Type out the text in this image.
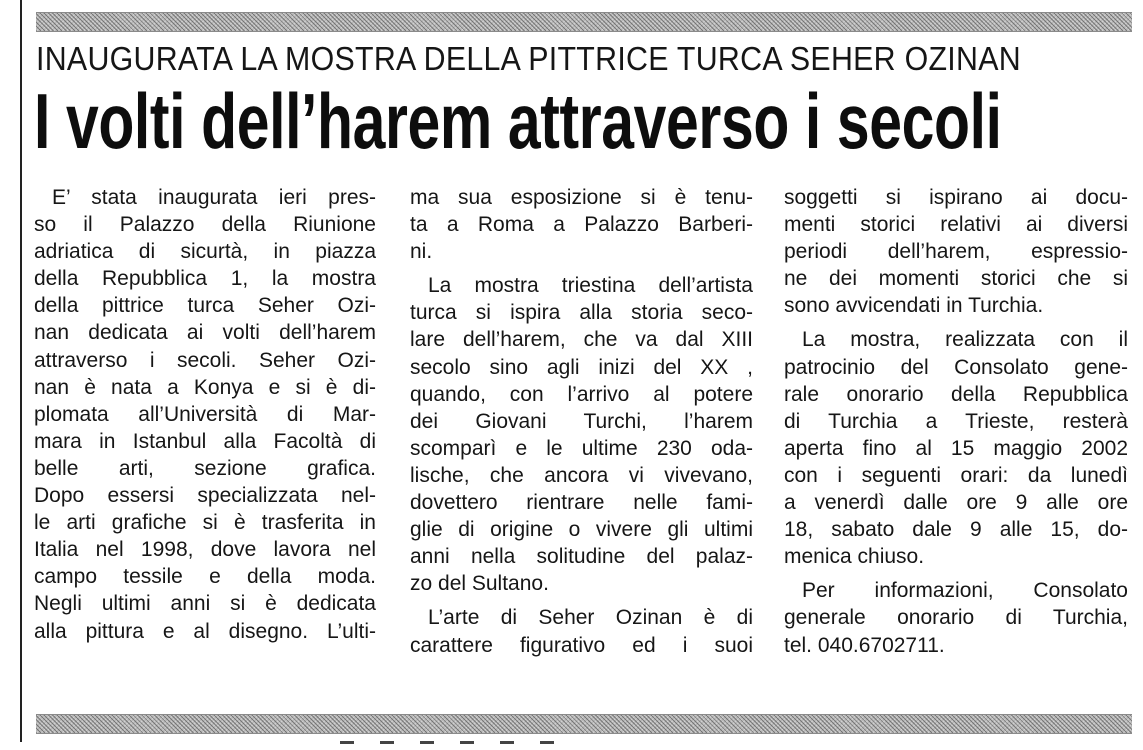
INAUGURATA LA MOSTRA DELLA PITTRICE TURCA SEHER OZINAN
I volti dell’harem attraverso i secoli
E’ stata inaugurata ieri pres-
so il Palazzo della Riunione
adriatica di sicurtà, in piazza
della Repubblica 1, la mostra
della pittrice turca Seher Ozi-
nan dedicata ai volti dell’harem
attraverso i secoli. Seher Ozi-
nan è nata a Konya e si è di-
plomata all’Università di Mar-
mara in Istanbul alla Facoltà di
belle arti, sezione grafica.
Dopo essersi specializzata nel-
le arti grafiche si è trasferita in
Italia nel 1998, dove lavora nel
campo tessile e della moda.
Negli ultimi anni si è dedicata
alla pittura e al disegno. L’ulti-
ma sua esposizione si è tenu-
ta a Roma a Palazzo Barberi-
ni.
La mostra triestina dell’artista
turca si ispira alla storia seco-
lare dell’harem, che va dal XIII
secolo sino agli inizi del XX ,
quando, con l’arrivo al potere
dei Giovani Turchi, l’harem
scomparì e le ultime 230 oda-
lische, che ancora vi vivevano,
dovettero rientrare nelle fami-
glie di origine o vivere gli ultimi
anni nella solitudine del palaz-
zo del Sultano.
L’arte di Seher Ozinan è di
carattere figurativo ed i suoi
soggetti si ispirano ai docu-
menti storici relativi ai diversi
periodi dell’harem, espressio-
ne dei momenti storici che si
sono avvicendati in Turchia.
La mostra, realizzata con il
patrocinio del Consolato gene-
rale onorario della Repubblica
di Turchia a Trieste, resterà
aperta fino al 15 maggio 2002
con i seguenti orari: da lunedì
a venerdì dalle ore 9 alle ore
18, sabato dale 9 alle 15, do-
menica chiuso.
Per informazioni, Consolato
generale onorario di Turchia,
tel. 040.6702711.
